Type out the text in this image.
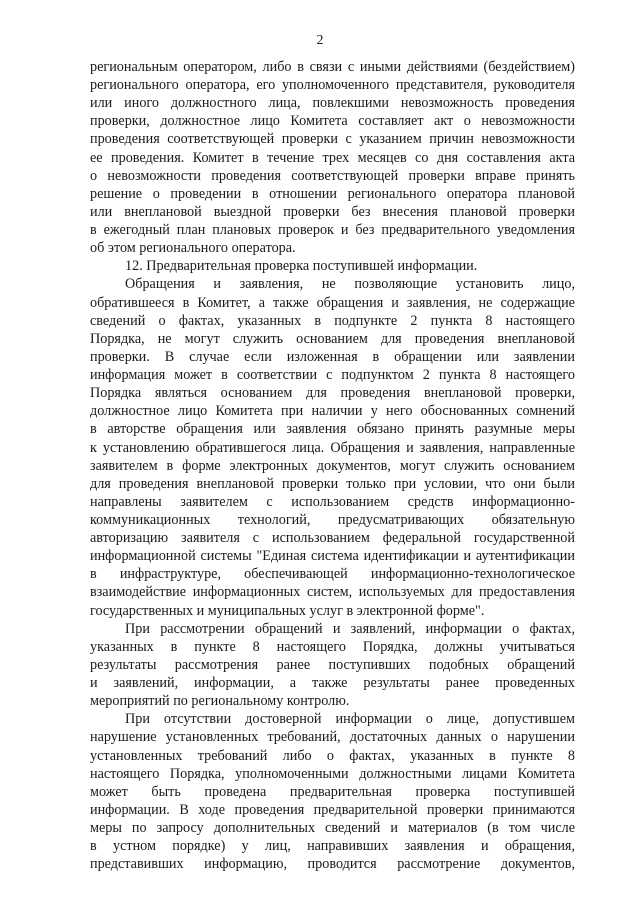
2
региональным оператором, либо в связи с иными действиями (бездействием)
регионального оператора, его уполномоченного представителя, руководителя
или иного должностного лица, повлекшими невозможность проведения
проверки, должностное лицо Комитета составляет акт о невозможности
проведения соответствующей проверки с указанием причин невозможности
ее проведения. Комитет в течение трех месяцев со дня составления акта
о невозможности проведения соответствующей проверки вправе принять
решение о проведении в отношении регионального оператора плановой
или внеплановой выездной проверки без внесения плановой проверки
в ежегодный план плановых проверок и без предварительного уведомления
об этом регионального оператора.
12. Предварительная проверка поступившей информации.
Обращения и заявления, не позволяющие установить лицо,
обратившееся в Комитет, а также обращения и заявления, не содержащие
сведений о фактах, указанных в подпункте 2 пункта 8 настоящего
Порядка, не могут служить основанием для проведения внеплановой
проверки. В случае если изложенная в обращении или заявлении
информация может в соответствии с подпунктом 2 пункта 8 настоящего
Порядка являться основанием для проведения внеплановой проверки,
должностное лицо Комитета при наличии у него обоснованных сомнений
в авторстве обращения или заявления обязано принять разумные меры
к установлению обратившегося лица. Обращения и заявления, направленные
заявителем в форме электронных документов, могут служить основанием
для проведения внеплановой проверки только при условии, что они были
направлены заявителем с использованием средств информационно-
коммуникационных технологий, предусматривающих обязательную
авторизацию заявителя с использованием федеральной государственной
информационной системы "Единая система идентификации и аутентификации
в инфраструктуре, обеспечивающей информационно-технологическое
взаимодействие информационных систем, используемых для предоставления
государственных и муниципальных услуг в электронной форме".
При рассмотрении обращений и заявлений, информации о фактах,
указанных в пункте 8 настоящего Порядка, должны учитываться
результаты рассмотрения ранее поступивших подобных обращений
и заявлений, информации, а также результаты ранее проведенных
мероприятий по региональному контролю.
При отсутствии достоверной информации о лице, допустившем
нарушение установленных требований, достаточных данных о нарушении
установленных требований либо о фактах, указанных в пункте 8
настоящего Порядка, уполномоченными должностными лицами Комитета
может быть проведена предварительная проверка поступившей
информации. В ходе проведения предварительной проверки принимаются
меры по запросу дополнительных сведений и материалов (в том числе
в устном порядке) у лиц, направивших заявления и обращения,
представивших информацию, проводится рассмотрение документов,
